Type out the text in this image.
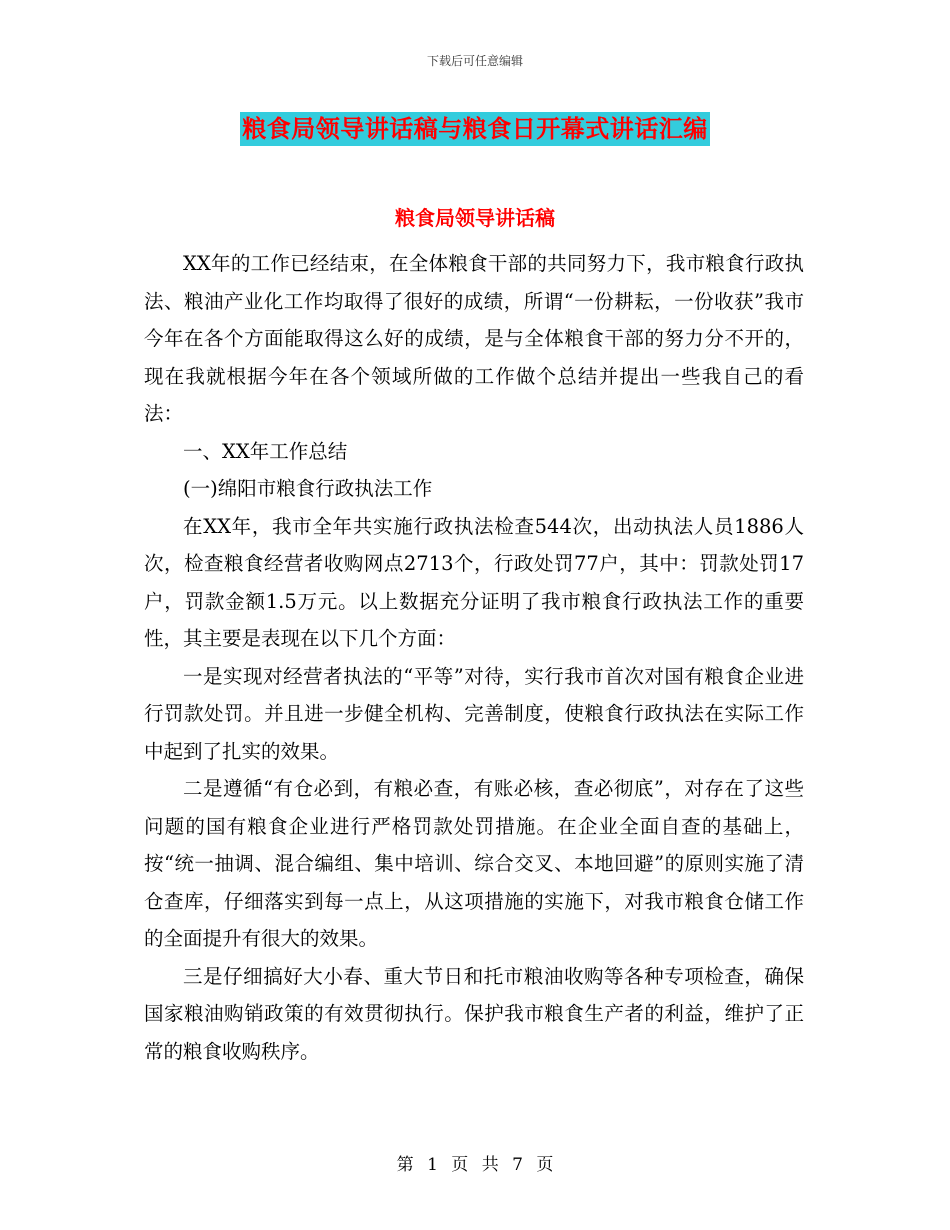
下载后可任意编辑
粮食局领导讲话稿与粮食日开幕式讲话汇编
粮食局领导讲话稿

XX年的工作已经结束，在全体粮食干部的共同努力下，我市粮食行政执法、粮油产业化工作均取得了很好的成绩，所谓“一份耕耘，一份收获”我市今年在各个方面能取得这么好的成绩，是与全体粮食干部的努力分不开的，现在我就根据今年在各个领域所做的工作做个总结并提出一些我自己的看法：

一、XX年工作总结

(一)绵阳市粮食行政执法工作

在XX年，我市全年共实施行政执法检查544次，出动执法人员1886人次，检查粮食经营者收购网点2713个，行政处罚77户，其中：罚款处罚17户，罚款金额1.5万元。以上数据充分证明了我市粮食行政执法工作的重要性，其主要是表现在以下几个方面：

一是实现对经营者执法的“平等”对待，实行我市首次对国有粮食企业进行罚款处罚。并且进一步健全机构、完善制度，使粮食行政执法在实际工作中起到了扎实的效果。

二是遵循“有仓必到，有粮必查，有账必核，查必彻底”，对存在了这些问题的国有粮食企业进行严格罚款处罚措施。在企业全面自查的基础上，按“统一抽调、混合编组、集中培训、综合交叉、本地回避”的原则实施了清仓查库，仔细落实到每一点上，从这项措施的实施下，对我市粮食仓储工作的全面提升有很大的效果。

三是仔细搞好大小春、重大节日和托市粮油收购等各种专项检查，确保国家粮油购销政策的有效贯彻执行。保护我市粮食生产者的利益，维护了正常的粮食收购秩序。

第 1 页 共 7 页
